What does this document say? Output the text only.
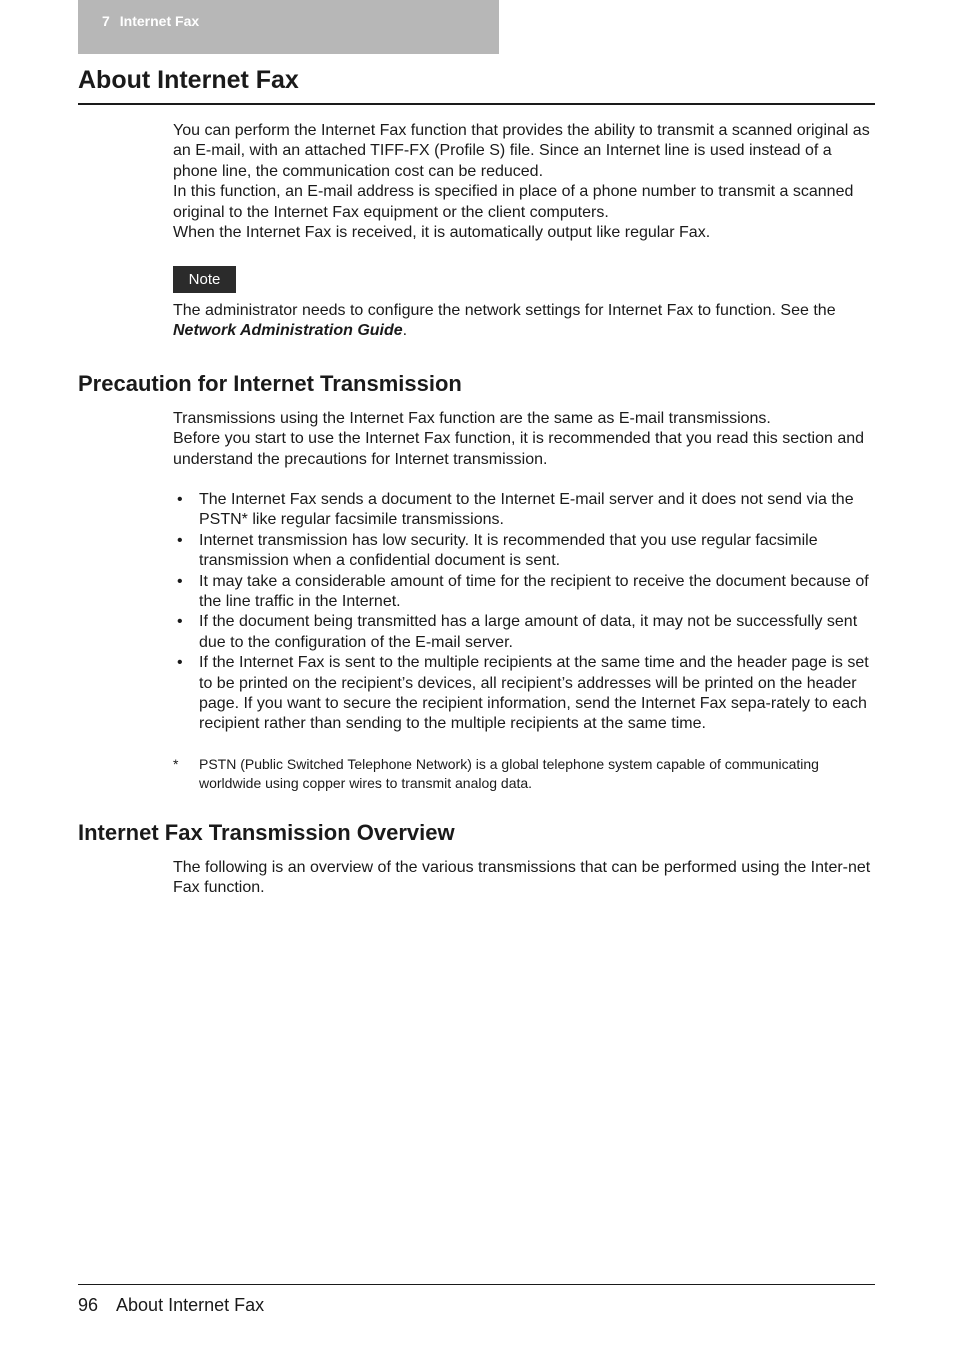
7 Internet Fax
About Internet Fax

You can perform the Internet Fax function that provides the ability to transmit a scanned original as an E-mail, with an attached TIFF-FX (Profile S) file. Since an Internet line is used instead of a phone line, the communication cost can be reduced.

In this function, an E-mail address is specified in place of a phone number to transmit a scanned original to the Internet Fax equipment or the client computers.

When the Internet Fax is received, it is automatically output like regular Fax.

Note

The administrator needs to configure the network settings for Internet Fax to function. See the Network Administration Guide.

Precaution for Internet Transmission

Transmissions using the Internet Fax function are the same as E-mail transmissions.

Before you start to use the Internet Fax function, it is recommended that you read this section and understand the precautions for Internet transmission.

• The Internet Fax sends a document to the Internet E-mail server and it does not send via the PSTN* like regular facsimile transmissions.
• Internet transmission has low security. It is recommended that you use regular facsimile transmission when a confidential document is sent.
• It may take a considerable amount of time for the recipient to receive the document because of the line traffic in the Internet.
• If the document being transmitted has a large amount of data, it may not be successfully sent due to the configuration of the E-mail server.
• If the Internet Fax is sent to the multiple recipients at the same time and the header page is set to be printed on the recipient’s devices, all recipient’s addresses will be printed on the header page. If you want to secure the recipient information, send the Internet Fax sepa-rately to each recipient rather than sending to the multiple recipients at the same time.
*	PSTN (Public Switched Telephone Network) is a global telephone system capable of communicating worldwide using copper wires to transmit analog data.
Internet Fax Transmission Overview

The following is an overview of the various transmissions that can be performed using the Inter-net Fax function.

96 About Internet Fax
